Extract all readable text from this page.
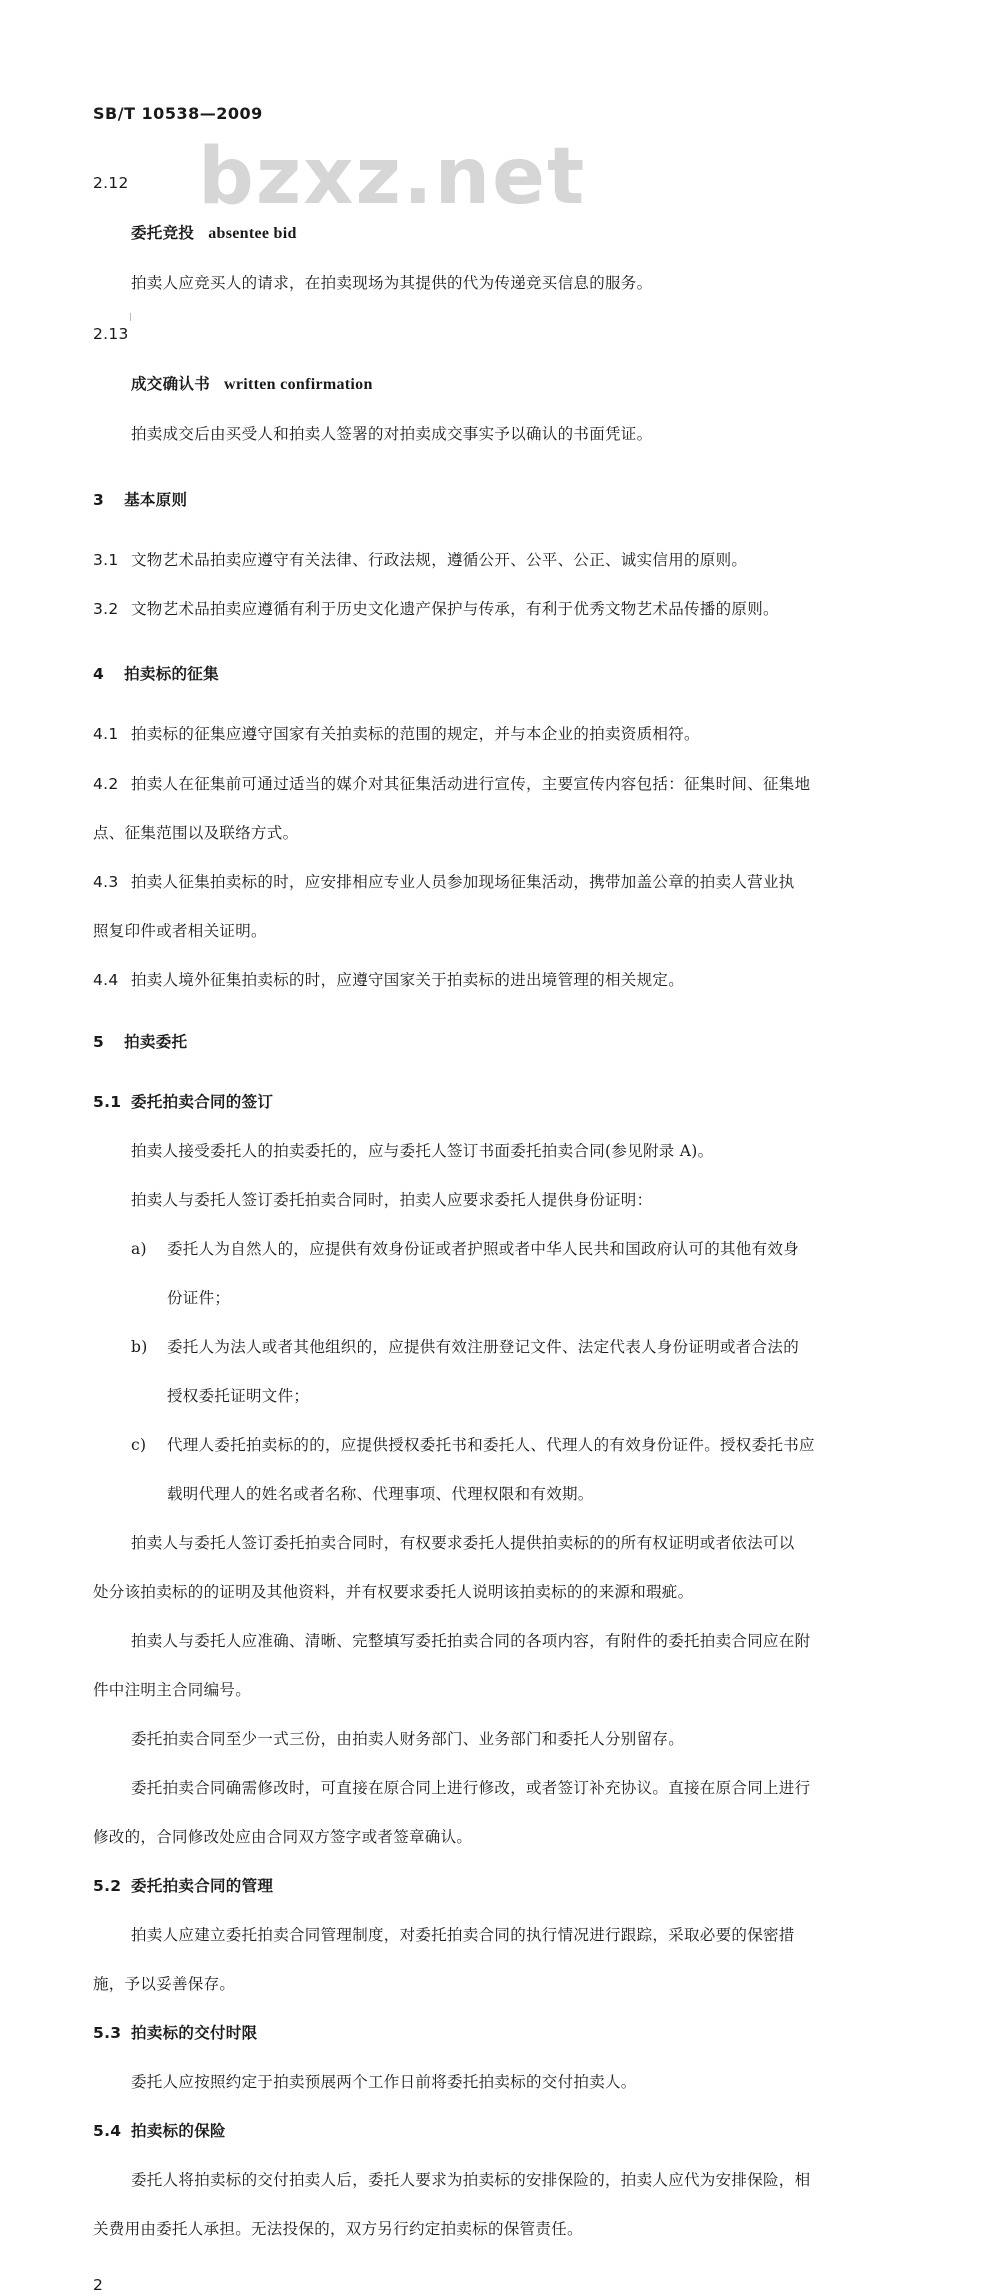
bzxz.net
SB/T 10538—2009
2.12
委托竞投 absentee bid
拍卖人应竞买人的请求，在拍卖现场为其提供的代为传递竞买信息的服务。
2.13
成交确认书 written confirmation
拍卖成交后由买受人和拍卖人签署的对拍卖成交事实予以确认的书面凭证。
3 基本原则
3.1 文物艺术品拍卖应遵守有关法律、行政法规，遵循公开、公平、公正、诚实信用的原则。
3.2 文物艺术品拍卖应遵循有利于历史文化遗产保护与传承，有利于优秀文物艺术品传播的原则。
4 拍卖标的征集
4.1 拍卖标的征集应遵守国家有关拍卖标的范围的规定，并与本企业的拍卖资质相符。
4.2 拍卖人在征集前可通过适当的媒介对其征集活动进行宣传，主要宣传内容包括：征集时间、征集地
点、征集范围以及联络方式。
4.3 拍卖人征集拍卖标的时，应安排相应专业人员参加现场征集活动，携带加盖公章的拍卖人营业执
照复印件或者相关证明。
4.4 拍卖人境外征集拍卖标的时，应遵守国家关于拍卖标的进出境管理的相关规定。
5 拍卖委托
5.1 委托拍卖合同的签订
拍卖人接受委托人的拍卖委托的，应与委托人签订书面委托拍卖合同(参见附录 A)。
拍卖人与委托人签订委托拍卖合同时，拍卖人应要求委托人提供身份证明：
a) 委托人为自然人的，应提供有效身份证或者护照或者中华人民共和国政府认可的其他有效身
份证件；
b) 委托人为法人或者其他组织的，应提供有效注册登记文件、法定代表人身份证明或者合法的
授权委托证明文件；
c) 代理人委托拍卖标的的，应提供授权委托书和委托人、代理人的有效身份证件。授权委托书应
载明代理人的姓名或者名称、代理事项、代理权限和有效期。
拍卖人与委托人签订委托拍卖合同时，有权要求委托人提供拍卖标的的所有权证明或者依法可以
处分该拍卖标的的证明及其他资料，并有权要求委托人说明该拍卖标的的来源和瑕疵。
拍卖人与委托人应准确、清晰、完整填写委托拍卖合同的各项内容，有附件的委托拍卖合同应在附
件中注明主合同编号。
委托拍卖合同至少一式三份，由拍卖人财务部门、业务部门和委托人分别留存。
委托拍卖合同确需修改时，可直接在原合同上进行修改，或者签订补充协议。直接在原合同上进行
修改的，合同修改处应由合同双方签字或者签章确认。
5.2 委托拍卖合同的管理
拍卖人应建立委托拍卖合同管理制度，对委托拍卖合同的执行情况进行跟踪，采取必要的保密措
施，予以妥善保存。
5.3 拍卖标的交付时限
委托人应按照约定于拍卖预展两个工作日前将委托拍卖标的交付拍卖人。
5.4 拍卖标的保险
委托人将拍卖标的交付拍卖人后，委托人要求为拍卖标的安排保险的，拍卖人应代为安排保险，相
关费用由委托人承担。无法投保的，双方另行约定拍卖标的保管责任。
2
